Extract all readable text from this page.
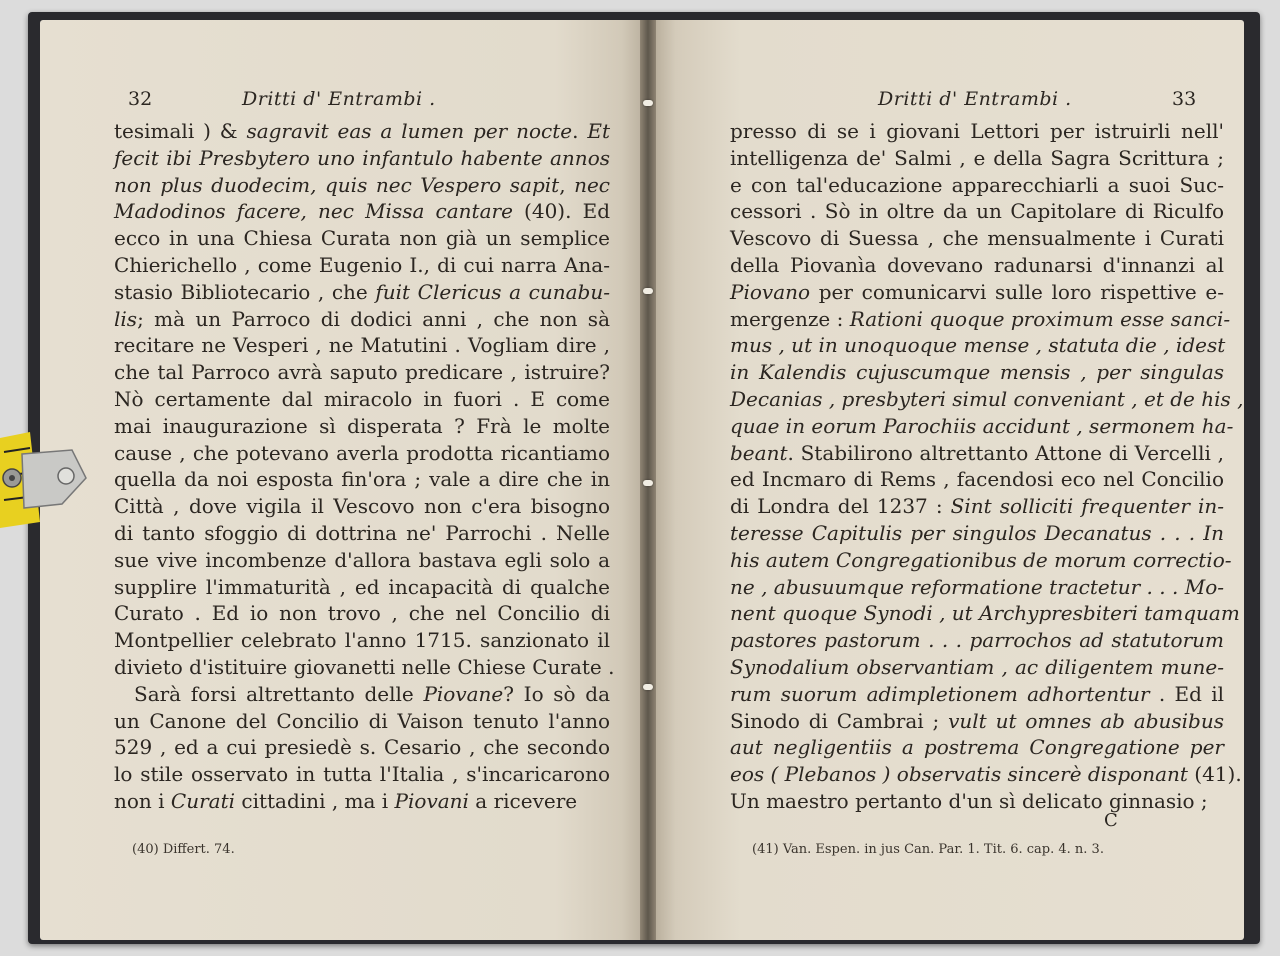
32	Dritti d' Entrambi .
tesimali ) & sagravit eas a lumen per nocte. Et
fecit ibi Presbytero uno infantulo habente annos
non plus duodecim, quis nec Vespero sapit, nec
Madodinos facere, nec Missa cantare (40). Ed
ecco in una Chiesa Curata non già un semplice
Chierichello , come Eugenio I., di cui narra Ana-
stasio Bibliotecario , che fuit Clericus a cunabu-
lis; mà un Parroco di dodici anni , che non sà
recitare ne Vesperi , ne Matutini . Vogliam dire ,
che tal Parroco avrà saputo predicare , istruire?
Nò certamente dal miracolo in fuori . E come
mai inaugurazione sì disperata ? Frà le molte
cause , che potevano averla prodotta ricantiamo
quella da noi esposta fin'ora ; vale a dire che in
Città , dove vigila il Vescovo non c'era bisogno
di tanto sfoggio di dottrina ne' Parrochi . Nelle
sue vive incombenze d'allora bastava egli solo a
supplire l'immaturità , ed incapacità di qualche
Curato . Ed io non trovo , che nel Concilio di
Montpellier celebrato l'anno 1715. sanzionato il
divieto d'istituire giovanetti nelle Chiese Curate .
Sarà forsi altrettanto delle Piovane? Io sò da
un Canone del Concilio di Vaison tenuto l'anno
529 , ed a cui presiedè s. Cesario , che secondo
lo stile osservato in tutta l'Italia , s'incaricarono
non i Curati cittadini , ma i Piovani a ricevere
(40) Differt. 74.
Dritti d' Entrambi .	33
presso di se i giovani Lettori per istruirli nell'
intelligenza de' Salmi , e della Sagra Scrittura ;
e con tal'educazione apparecchiarli a suoi Suc-
cessori . Sò in oltre da un Capitolare di Riculfo
Vescovo di Suessa , che mensualmente i Curati
della Piovanìa dovevano radunarsi d'innanzi al
Piovano per comunicarvi sulle loro rispettive e-
mergenze : Rationi quoque proximum esse sanci-
mus , ut in unoquoque mense , statuta die , idest
in Kalendis cujuscumque mensis , per singulas
Decanias , presbyteri simul conveniant , et de his ,
quae in eorum Parochiis accidunt , sermonem ha-
beant. Stabilirono altrettanto Attone di Vercelli ,
ed Incmaro di Rems , facendosi eco nel Concilio
di Londra del 1237 : Sint solliciti frequenter in-
teresse Capitulis per singulos Decanatus . . . In
his autem Congregationibus de morum correctio-
ne , abusuumque reformatione tractetur . . . Mo-
nent quoque Synodi , ut Archypresbiteri tamquam
pastores pastorum . . . parrochos ad statutorum
Synodalium observantiam , ac diligentem mune-
rum suorum adimpletionem adhortentur . Ed il
Sinodo di Cambrai ; vult ut omnes ab abusibus
aut negligentiis a postrema Congregatione per
eos ( Plebanos ) observatis sincerè disponant (41).
Un maestro pertanto d'un sì delicato ginnasio ;
C
(41) Van. Espen. in jus Can. Par. 1. Tit. 6. cap. 4. n. 3.
